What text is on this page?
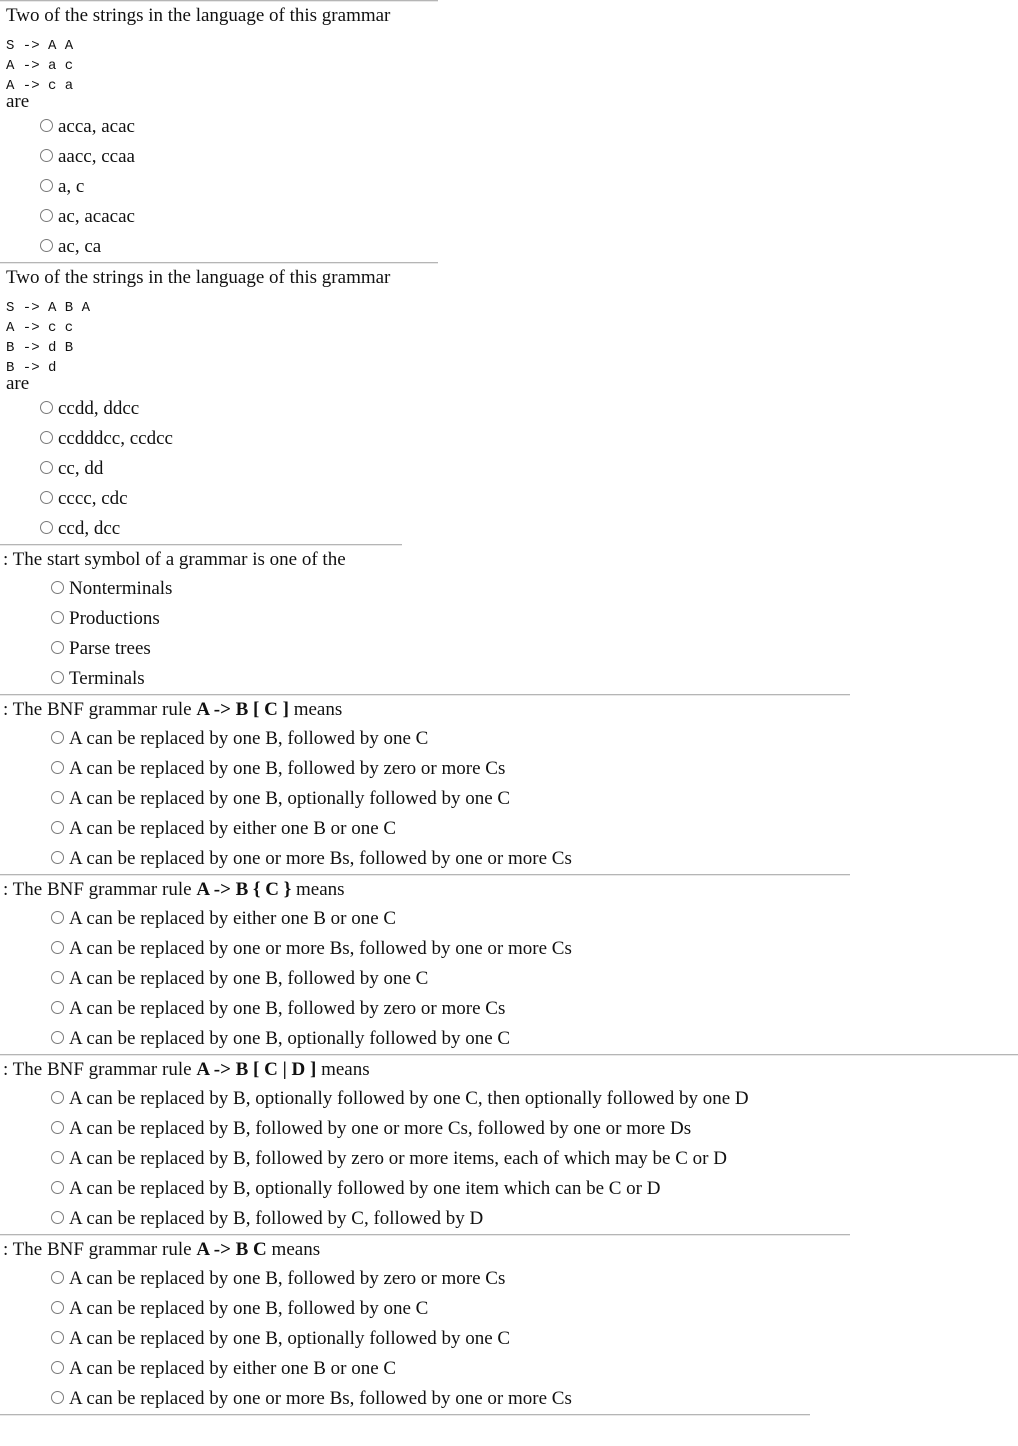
Two of the strings in the language of this grammar
S -> A A
A -> a c
A -> c a
are
acca, acac
aacc, ccaa
a, c
ac, acacac
ac, ca
Two of the strings in the language of this grammar
S -> A B A
A -> c c
B -> d B
B -> d
are
ccdd, ddcc
ccdddcc, ccdcc
cc, dd
cccc, cdc
ccd, dcc
: The start symbol of a grammar is one of the
Nonterminals
Productions
Parse trees
Terminals
: The BNF grammar rule A -> B [ C ] means
A can be replaced by one B, followed by one C
A can be replaced by one B, followed by zero or more Cs
A can be replaced by one B, optionally followed by one C
A can be replaced by either one B or one C
A can be replaced by one or more Bs, followed by one or more Cs
: The BNF grammar rule A -> B { C } means
A can be replaced by either one B or one C
A can be replaced by one or more Bs, followed by one or more Cs
A can be replaced by one B, followed by one C
A can be replaced by one B, followed by zero or more Cs
A can be replaced by one B, optionally followed by one C
: The BNF grammar rule A -> B [ C | D ] means
A can be replaced by B, optionally followed by one C, then optionally followed by one D
A can be replaced by B, followed by one or more Cs, followed by one or more Ds
A can be replaced by B, followed by zero or more items, each of which may be C or D
A can be replaced by B, optionally followed by one item which can be C or D
A can be replaced by B, followed by C, followed by D
: The BNF grammar rule A -> B C means
A can be replaced by one B, followed by zero or more Cs
A can be replaced by one B, followed by one C
A can be replaced by one B, optionally followed by one C
A can be replaced by either one B or one C
A can be replaced by one or more Bs, followed by one or more Cs
